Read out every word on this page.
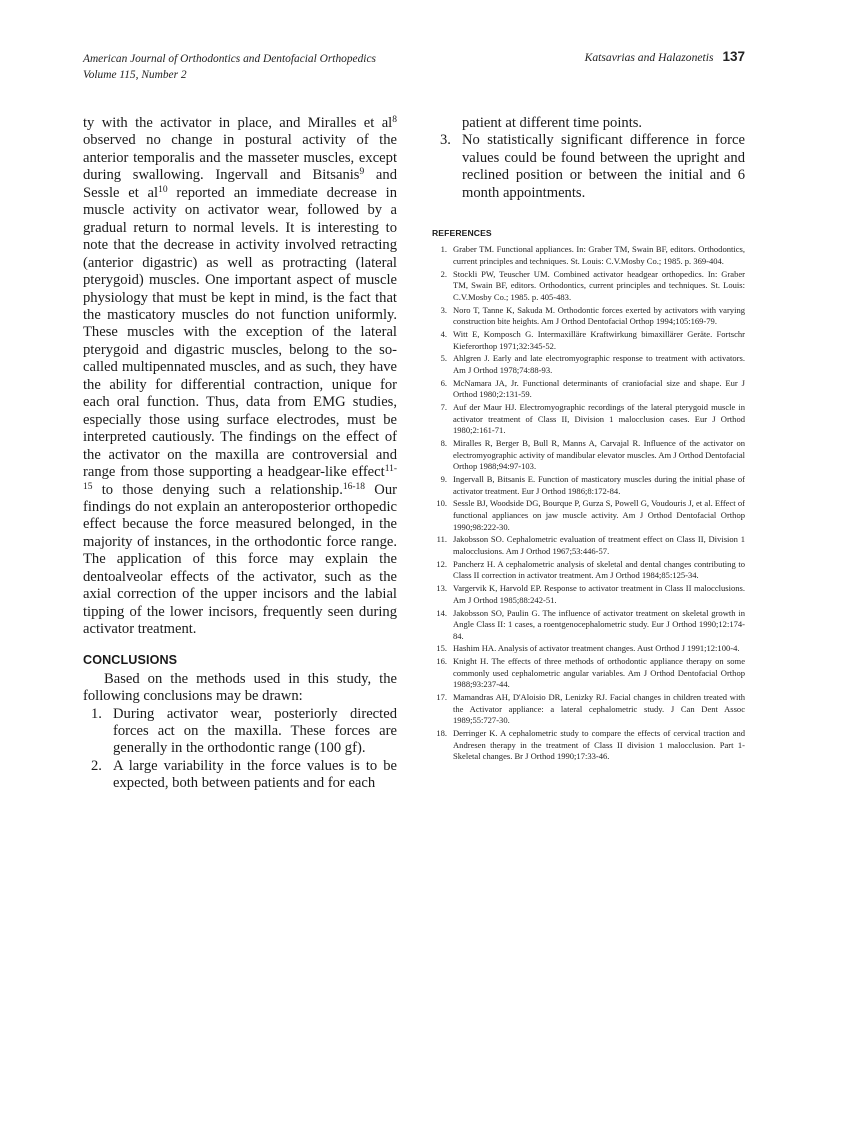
American Journal of Orthodontics and Dentofacial Orthopedics
Volume 115, Number 2
Katsavrias and Halazonetis 137

ty with the activator in place, and Miralles et $al^8$ observed no change in postural activity of the anterior temporalis and the masseter muscles, except during swallowing. Ingervall and Bitsanis$^9$ and Sessle et $al^{10}$ reported an immediate decrease in muscle activity on activator wear, followed by a gradual return to normal levels. It is interesting to note that the decrease in activity involved retracting (anterior digastric) as well as protracting (lateral pterygoid) muscles. One important aspect of muscle physiology that must be kept in mind, is the fact that the masticatory muscles do not function uniformly. These muscles with the exception of the lateral pterygoid and digastric muscles, belong to the so-called multipennated muscles, and as such, they have the ability for differential contraction, unique for each oral function. Thus, data from EMG studies, especially those using surface electrodes, must be interpreted cautiously. The findings on the effect of the activator on the maxilla are controversial and range from those supporting a headgear-like effect$^{11-15}$ to those denying such a relationship.$^{16-18}$ Our findings do not explain an anteroposterior orthopedic effect because the force measured belonged, in the majority of instances, in the orthodontic force range. The application of this force may explain the dentoalveolar effects of the activator, such as the axial correction of the upper incisors and the labial tipping of the lower incisors, frequently seen during activator treatment.

CONCLUSIONS

Based on the methods used in this study, the following conclusions may be drawn:

1. During activator wear, posteriorly directed forces act on the maxilla. These forces are generally in the orthodontic range (100 gf).
2. A large variability in the force values is to be expected, both between patients and for each
patient at different time points.
3. No statistically significant difference in force values could be found between the upright and reclined position or between the initial and 6 month appointments.
REFERENCES
1. Graber TM. Functional appliances. In: Graber TM, Swain BF, editors. Orthodontics, current principles and techniques. St. Louis: C.V.Mosby Co.; 1985. p. 369-404.
2. Stockli PW, Teuscher UM. Combined activator headgear orthopedics. In: Graber TM, Swain BF, editors. Orthodontics, current principles and techniques. St. Louis: C.V.Mosby Co.; 1985. p. 405-483.
3. Noro T, Tanne K, Sakuda M. Orthodontic forces exerted by activators with varying construction bite heights. Am J Orthod Dentofacial Orthop 1994;105:169-79.
4. Witt E, Komposch G. Intermaxilläre Kraftwirkung bimaxillärer Geräte. Fortschr Kieferorthop 1971;32:345-52.
5. Ahlgren J. Early and late electromyographic response to treatment with activators. Am J Orthod 1978;74:88-93.
6. McNamara JA, Jr. Functional determinants of craniofacial size and shape. Eur J Orthod 1980;2:131-59.
7. Auf der Maur HJ. Electromyographic recordings of the lateral pterygoid muscle in activator treatment of Class II, Division 1 malocclusion cases. Eur J Orthod 1980;2:161-71.
8. Miralles R, Berger B, Bull R, Manns A, Carvajal R. Influence of the activator on electromyographic activity of mandibular elevator muscles. Am J Orthod Dentofacial Orthop 1988;94:97-103.
9. Ingervall B, Bitsanis E. Function of masticatory muscles during the initial phase of activator treatment. Eur J Orthod 1986;8:172-84.
10. Sessle BJ, Woodside DG, Bourque P, Gurza S, Powell G, Voudouris J, et al. Effect of functional appliances on jaw muscle activity. Am J Orthod Dentofacial Orthop 1990;98:222-30.
11. Jakobsson SO. Cephalometric evaluation of treatment effect on Class II, Division 1 malocclusions. Am J Orthod 1967;53:446-57.
12. Pancherz H. A cephalometric analysis of skeletal and dental changes contributing to Class II correction in activator treatment. Am J Orthod 1984;85:125-34.
13. Vargervik K, Harvold EP. Response to activator treatment in Class II malocclusions. Am J Orthod 1985;88:242-51.
14. Jakobsson SO, Paulin G. The influence of activator treatment on skeletal growth in Angle Class II: 1 cases, a roentgenocephalometric study. Eur J Orthod 1990;12:174-84.
15. Hashim HA. Analysis of activator treatment changes. Aust Orthod J 1991;12:100-4.
16. Knight H. The effects of three methods of orthodontic appliance therapy on some commonly used cephalometric angular variables. Am J Orthod Dentofacial Orthop 1988;93:237-44.
17. Mamandras AH, D'Aloisio DR, Lenizky RJ. Facial changes in children treated with the Activator appliance: a lateral cephalometric study. J Can Dent Assoc 1989;55:727-30.
18. Derringer K. A cephalometric study to compare the effects of cervical traction and Andresen therapy in the treatment of Class II division 1 malocclusion. Part 1-Skeletal changes. Br J Orthod 1990;17:33-46.
